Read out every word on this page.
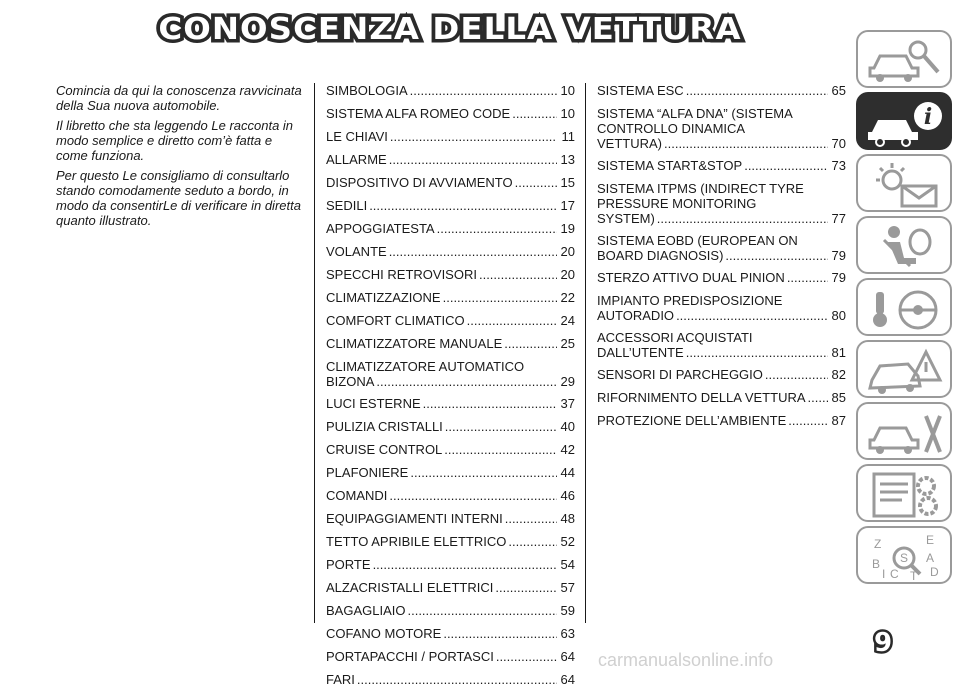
CONOSCENZA DELLA VETTURA

Comincia da qui la conoscenza ravvicinata della Sua nuova automobile.

Il libretto che sta leggendo Le racconta in modo semplice e diretto com’è fatta e come funziona.

Per questo Le consigliamo di consultarlo stando comodamente seduto a bordo, in modo da consentirLe di verificare in diretta quanto illustrato.

SIMBOLOGIA .....	10
SISTEMA ALFA ROMEO CODE .....	10
LE CHIAVI .....	11
ALLARME .....	13
DISPOSITIVO DI AVVIAMENTO .....	15
SEDILI .....	17
APPOGGIATESTA .....	19
VOLANTE .....	20
SPECCHI RETROVISORI .....	20
CLIMATIZZAZIONE .....	22
COMFORT CLIMATICO .....	24
CLIMATIZZATORE MANUALE .....	25
CLIMATIZZATORE AUTOMATICO
BIZONA .....	29
LUCI ESTERNE .....	37
PULIZIA CRISTALLI .....	40
CRUISE CONTROL .....	42
PLAFONIERE .....	44
COMANDI .....	46
EQUIPAGGIAMENTI INTERNI .....	48
TETTO APRIBILE ELETTRICO .....	52
PORTE .....	54
ALZACRISTALLI ELETTRICI .....	57
BAGAGLIAIO .....	59
COFANO MOTORE .....	63
PORTAPACCHI / PORTASCI .....	64
FARI .....	64
SISTEMA ESC .....	65
SISTEMA “ALFA DNA” (SISTEMA
CONTROLLO DINAMICA
VETTURA) .....	70
SISTEMA START&STOP .....	73
SISTEMA ITPMS (INDIRECT TYRE
PRESSURE MONITORING
SYSTEM) .....	77
SISTEMA EOBD (EUROPEAN ON
BOARD DIAGNOSIS) .....	79
STERZO ATTIVO DUAL PINION .....	79
IMPIANTO PREDISPOSIZIONE
AUTORADIO .....	80
ACCESSORI ACQUISTATI
DALL’UTENTE .....	81
SENSORI DI PARCHEGGIO .....	82
RIFORNIMENTO DELLA VETTURA ..... 85
PROTEZIONE DELL’AMBIENTE .....	87
i
Z	E
S A
B
D
I C T
9
carmanualsonline.info
